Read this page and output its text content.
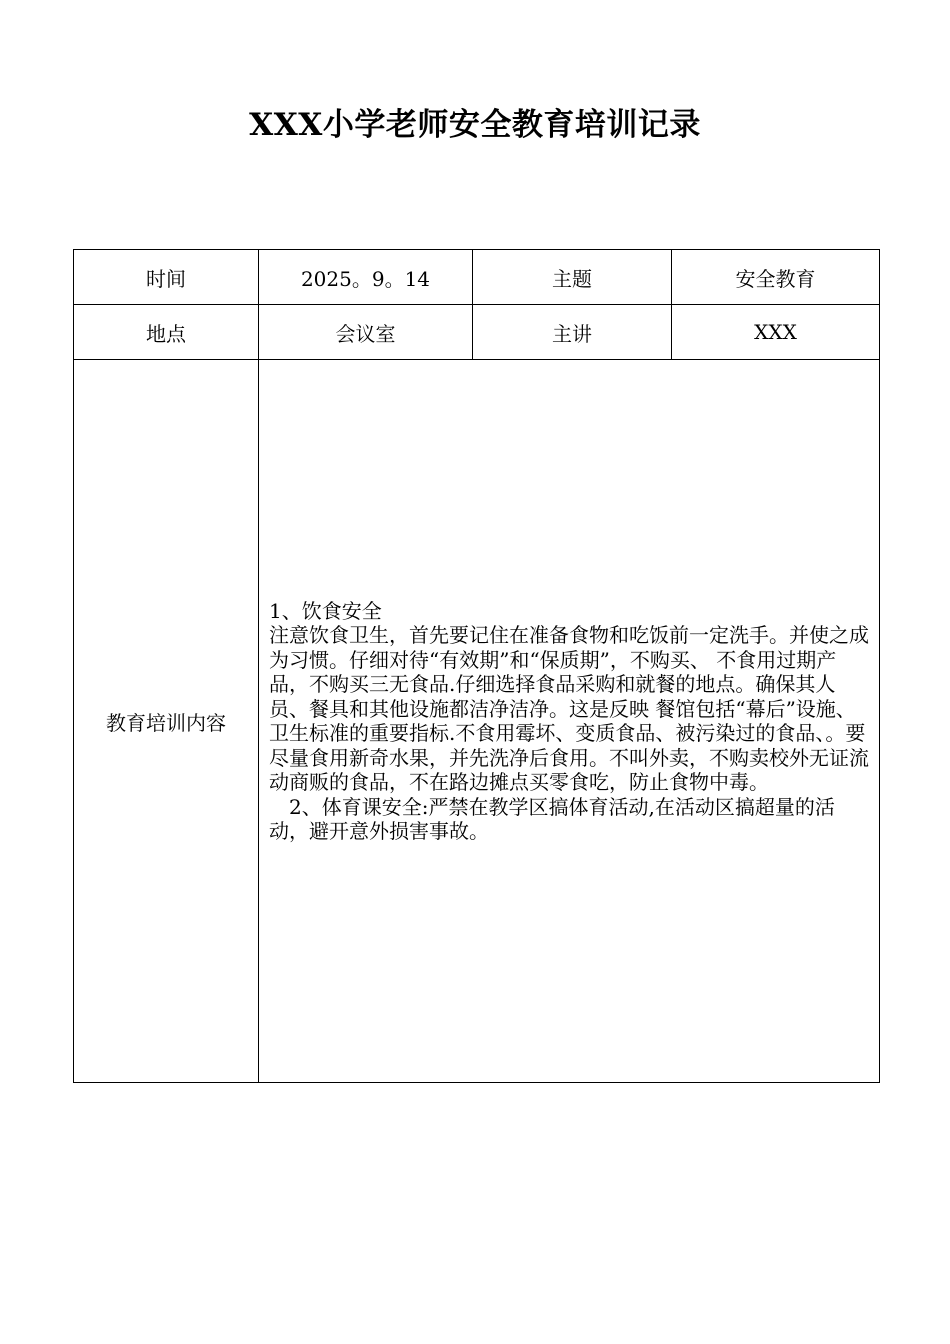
XXX小学老师安全教育培训记录
时间	2025。9。14	主题	安全教育
地点	会议室	主讲	XXX
教育培训内容	1、饮食安全
注意饮食卫生，首先要记住在准备食物和吃饭前一定洗手。并使之成为习惯。仔细对待“有效期”和“保质期”，不购买、 不食用过期产品，不购买三无食品.仔细选择食品采购和就餐的地点。确保其人员、餐具和其他设施都洁净洁净。这是反映 餐馆包括“幕后”设施、卫生标准的重要指标.不食用霉坏、变质食品、被污染过的食品、。要尽量食用新奇水果，并先洗净后食用。不叫外卖，不购卖校外无证流动商贩的食品，不在路边摊点买零食吃，防止食物中毒。
2、体育课安全:严禁在教学区搞体育活动,在活动区搞超量的活动，避开意外损害事故。		
